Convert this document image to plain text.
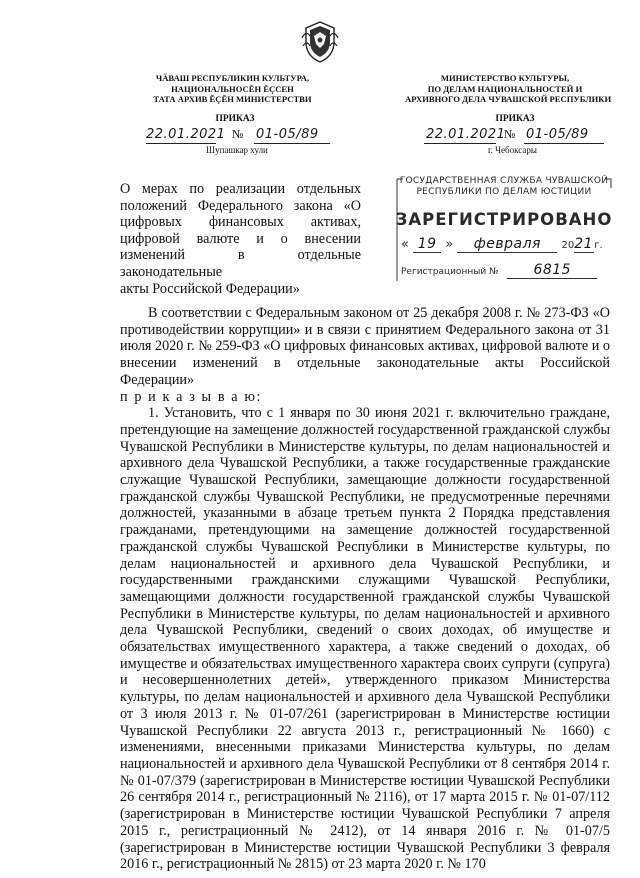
ЧӐВАШ РЕСПУБЛИКИН КУЛЬТУРА,
НАЦИОНАЛЬНОСĔН ĔÇСЕН
ТАТА АРХИВ ĔÇĔН МИНИСТЕРСТВИ
МИНИСТЕРСТВО КУЛЬТУРЫ,
ПО ДЕЛАМ НАЦИОНАЛЬНОСТЕЙ И
АРХИВНОГО ДЕЛА ЧУВАШСКОЙ РЕСПУБЛИКИ
ПРИКАЗ
22.01.2021 № 01-05/89
Шупашкар хули
ПРИКАЗ
22.01.2021
№ 01-05/89
г. Чебоксары
О мерах по реализации отдельных положений Федерального закона «О цифровых финансовых активах, цифровой валюте и о внесении изменений в отдельные законодательные
акты Российской Федерации»
ГОСУДАРСТВЕННАЯ СЛУЖБА ЧУВАШСКОЙ
РЕСПУБЛИКИ ПО ДЕЛАМ ЮСТИЦИИ
ЗАРЕГИСТРИРОВАНО
« 19 » февраля 2021г.
Регистрационный №	6815

В соответствии с Федеральным законом от 25 декабря 2008 г. № 273-ФЗ «О противодействии коррупции» и в связи с принятием Федерального закона от 31 июля 2020 г. № 259-ФЗ «О цифровых финансовых активах, цифровой валюте и о внесении изменений в отдельные законодательные акты Российской Федерации»

п р и к а з ы в а ю:

1. Установить, что с 1 января по 30 июня 2021 г. включительно граждане, претендующие на замещение должностей государственной гражданской службы Чувашской Республики в Министерстве культуры, по делам национальностей и архивного дела Чувашской Республики, а также государственные гражданские служащие Чувашской Республики, замещающие должности государственной гражданской службы Чувашской Республики, не предусмотренные перечнями должностей, указанными в абзаце третьем пункта 2 Порядка представления гражданами, претендующими на замещение должностей государственной гражданской службы Чувашской Республики в Министерстве культуры, по делам национальностей и архивного дела Чувашской Республики, и государственными гражданскими служащими Чувашской Республики, замещающими должности государственной гражданской службы Чувашской Республики в Министерстве культуры, по делам национальностей и архивного дела Чувашской Республики, сведений о своих доходах, об имуществе и обязательствах имущественного характера, а также сведений о доходах, об имуществе и обязательствах имущественного характера своих супруги (супруга) и несовершеннолетних детей», утвержденного приказом Министерства культуры, по делам национальностей и архивного дела Чувашской Республики от 3 июля 2013 г. № 01-07/261 (зарегистрирован в Министерстве юстиции Чувашской Республики 22 августа 2013 г., регистрационный № 1660) с изменениями, внесенными приказами Министерства культуры, по делам национальностей и архивного дела Чувашской Республики от 8 сентября 2014 г. № 01-07/379 (зарегистрирован в Министерстве юстиции Чувашской Республики 26 сентября 2014 г., регистрационный № 2116), от 17 марта 2015 г. № 01-07/112 (зарегистрирован в Министерстве юстиции Чувашской Республики 7 апреля 2015 г., регистрационный № 2412), от 14 января 2016 г. № 01-07/5 (зарегистрирован в Министерстве юстиции Чувашской Республики 3 февраля 2016 г., регистрационный № 2815) от 23 марта 2020 г. № 170
